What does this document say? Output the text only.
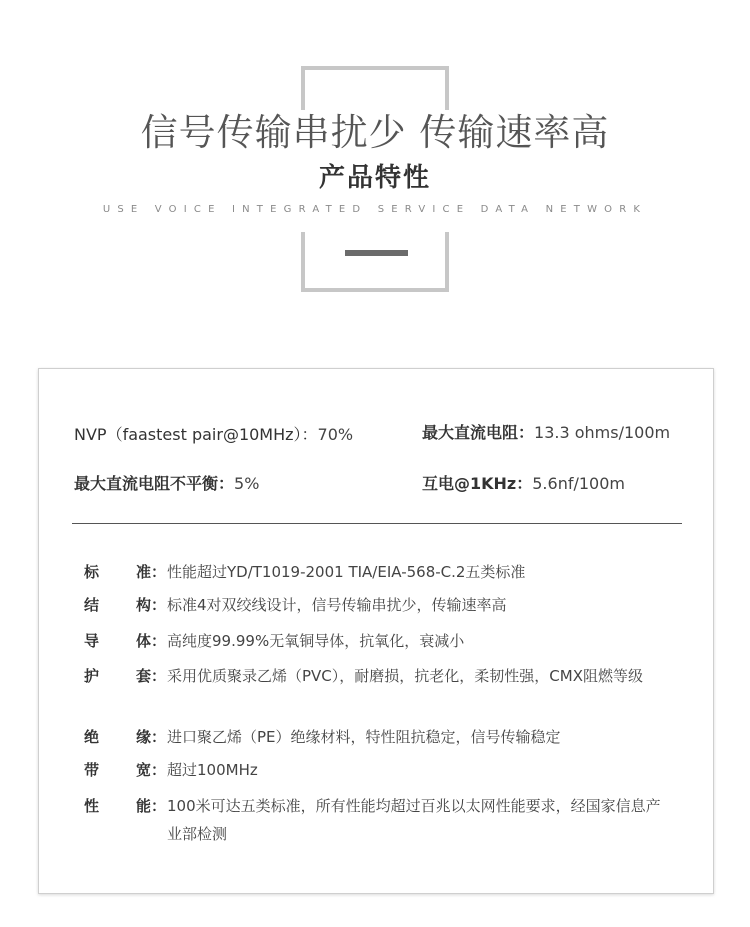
信号传输串扰少 传输速率高
产品特性
USE VOICE INTEGRATED SERVICE DATA NETWORK
NVP（faastest pair@10MHz）：70%	最大直流电阻：13.3 ohms/100m
最大直流电阻不平衡：5%	互电@1KHz：5.6nf/100m
标 准： 性能超过YD/T1019-2001 TIA/EIA-568-C.2五类标准
结 构： 标准4对双绞线设计，信号传输串扰少，传输速率高
导 体： 高纯度99.99%无氧铜导体，抗氧化，衰减小
护 套： 采用优质聚录乙烯（PVC），耐磨损，抗老化，柔韧性强，CMX阻燃等级
绝 缘： 进口聚乙烯（PE）绝缘材料，特性阻抗稳定，信号传输稳定
带 宽： 超过100MHz
性 能： 100米可达五类标准，所有性能均超过百兆以太网性能要求，经国家信息产业部检测
